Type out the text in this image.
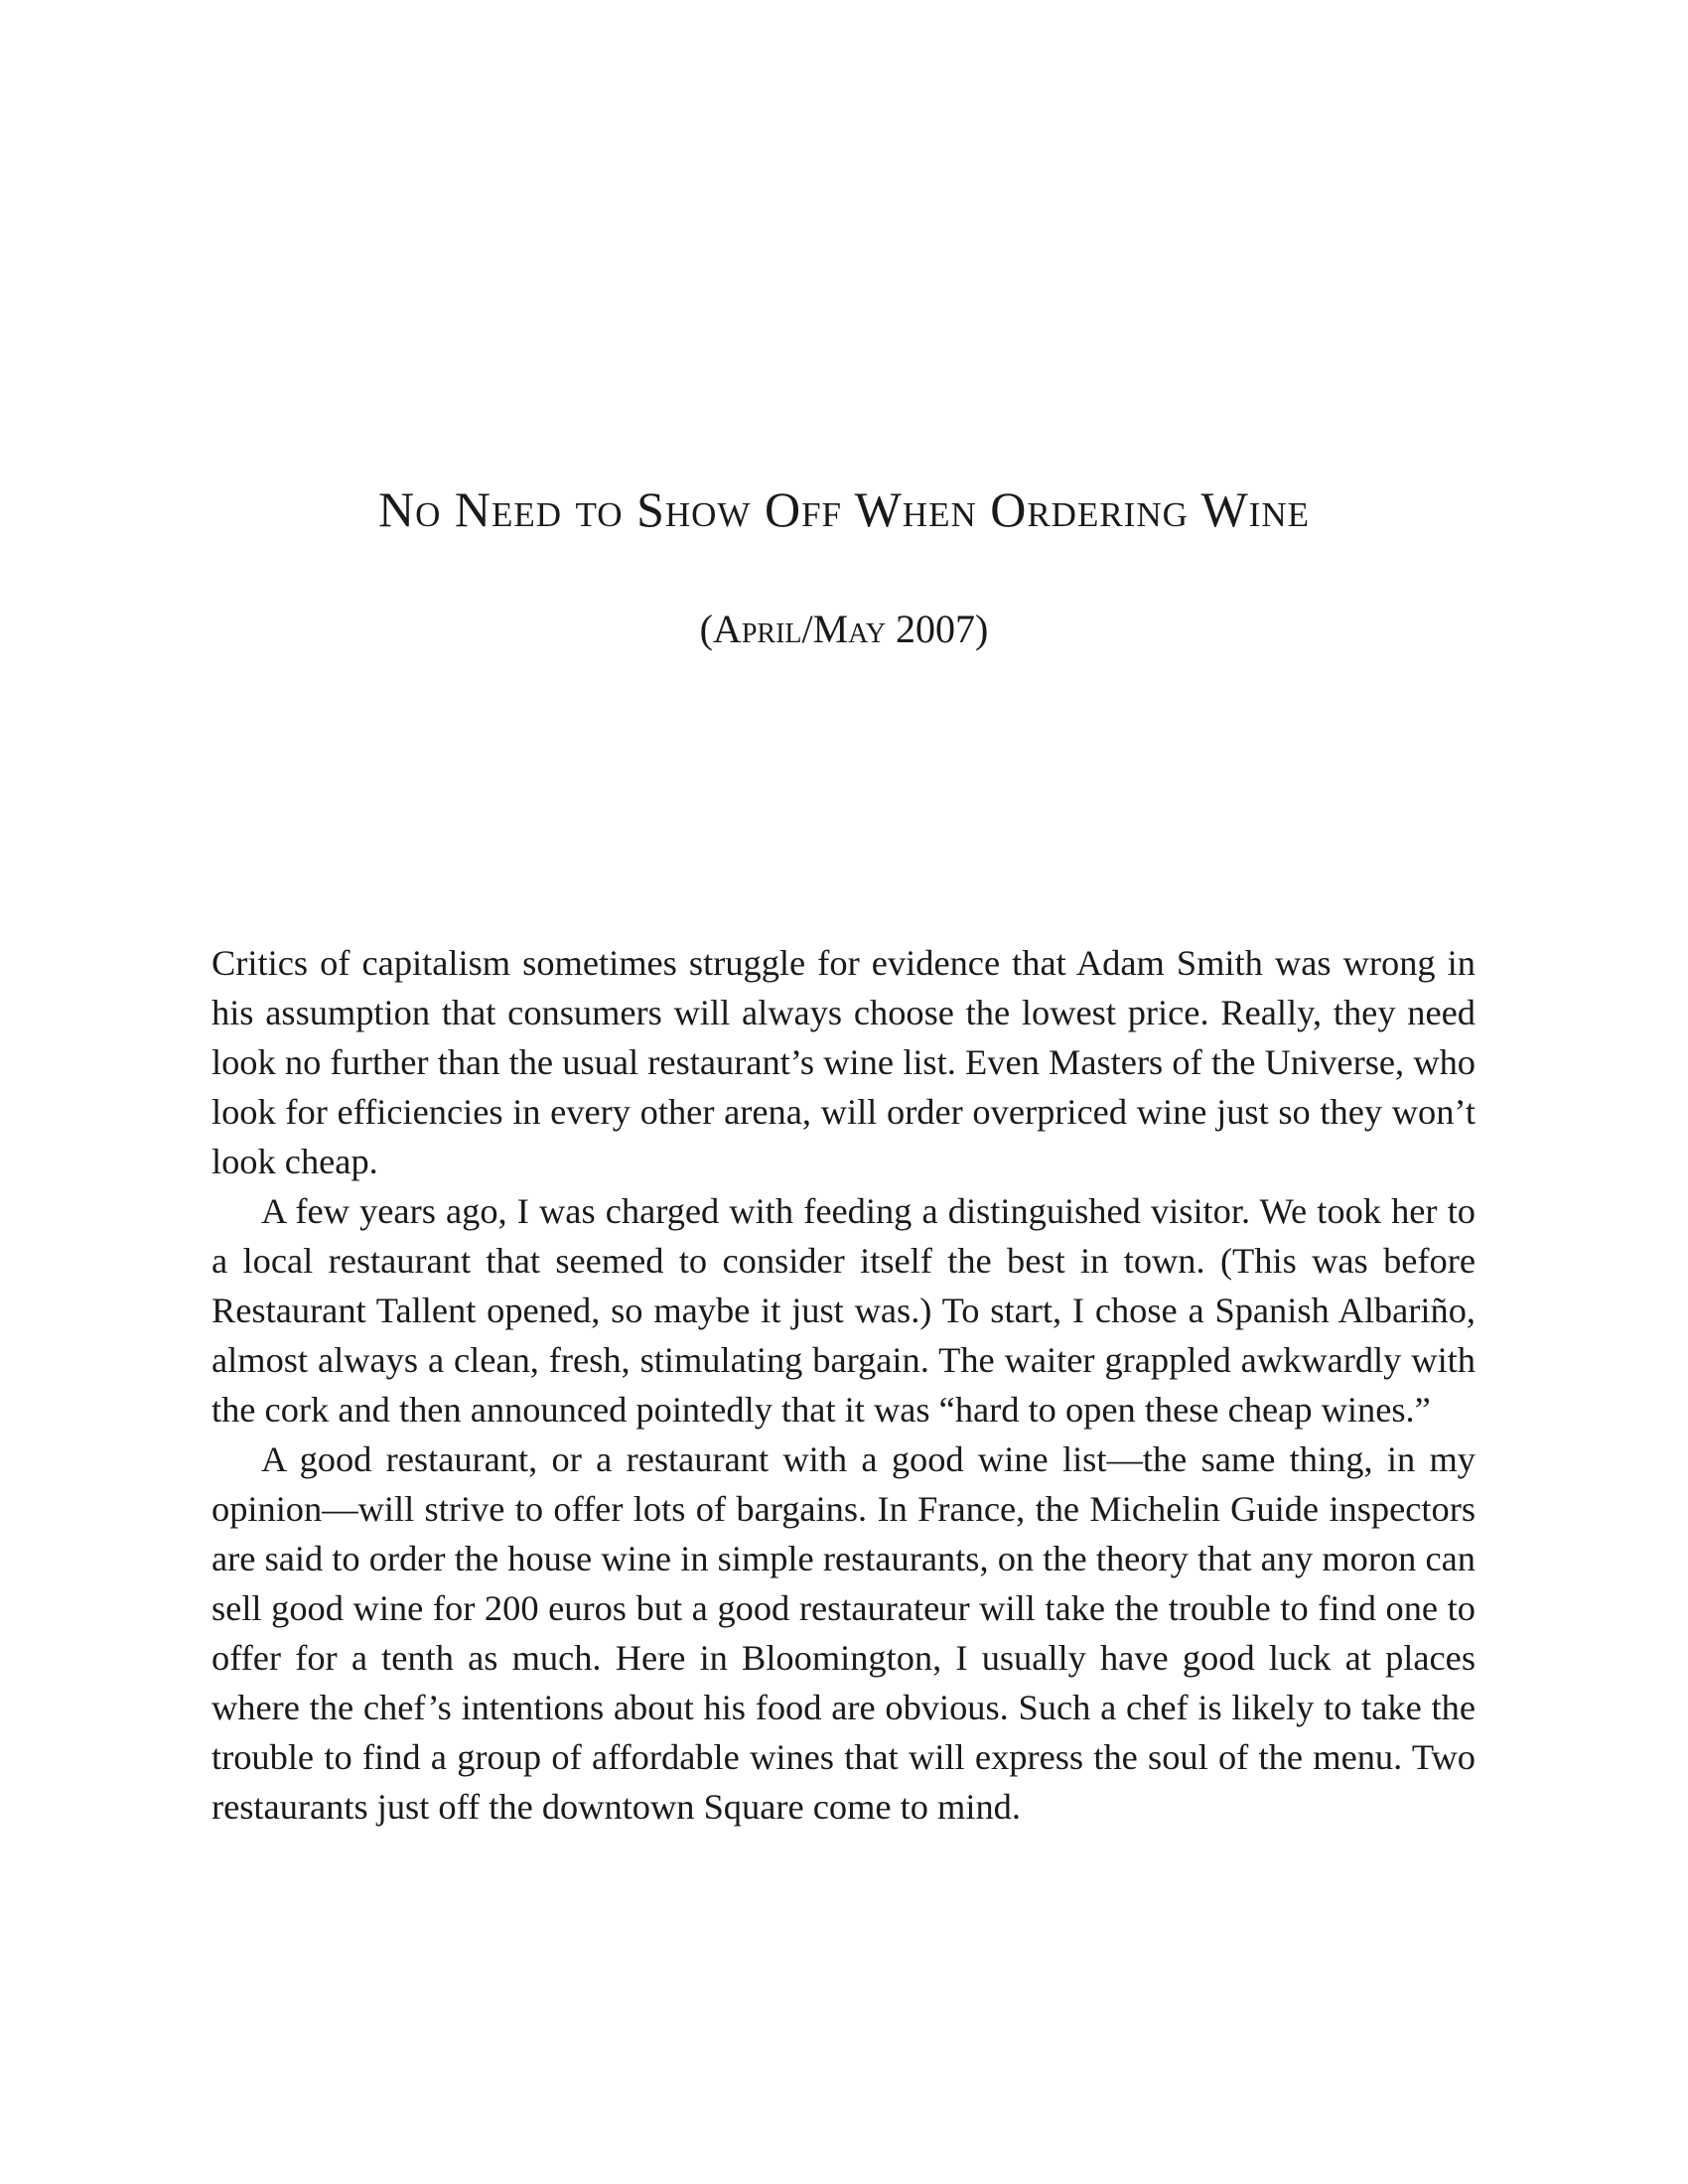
No Need to Show Off When Ordering Wine
(April/May 2007)

Critics of capitalism sometimes struggle for evidence that Adam Smith was wrong in his assumption that consumers will always choose the lowest price. Really, they need look no further than the usual restaurant’s wine list. Even Masters of the Universe, who look for efficiencies in every other arena, will order overpriced wine just so they won’t look cheap.

A few years ago, I was charged with feeding a distinguished visitor. We took her to a local restaurant that seemed to consider itself the best in town. (This was before Restaurant Tallent opened, so maybe it just was.) To start, I chose a Spanish Albariño, almost always a clean, fresh, stimulating bargain. The waiter grappled awkwardly with the cork and then announced pointedly that it was “hard to open these cheap wines.”

A good restaurant, or a restaurant with a good wine list—the same thing, in my opinion—will strive to offer lots of bargains. In France, the Michelin Guide inspectors are said to order the house wine in simple restaurants, on the theory that any moron can sell good wine for 200 euros but a good restaurateur will take the trouble to find one to offer for a tenth as much. Here in Bloomington, I usually have good luck at places where the chef’s intentions about his food are obvious. Such a chef is likely to take the trouble to find a group of affordable wines that will express the soul of the menu. Two restaurants just off the downtown Square come to mind.
